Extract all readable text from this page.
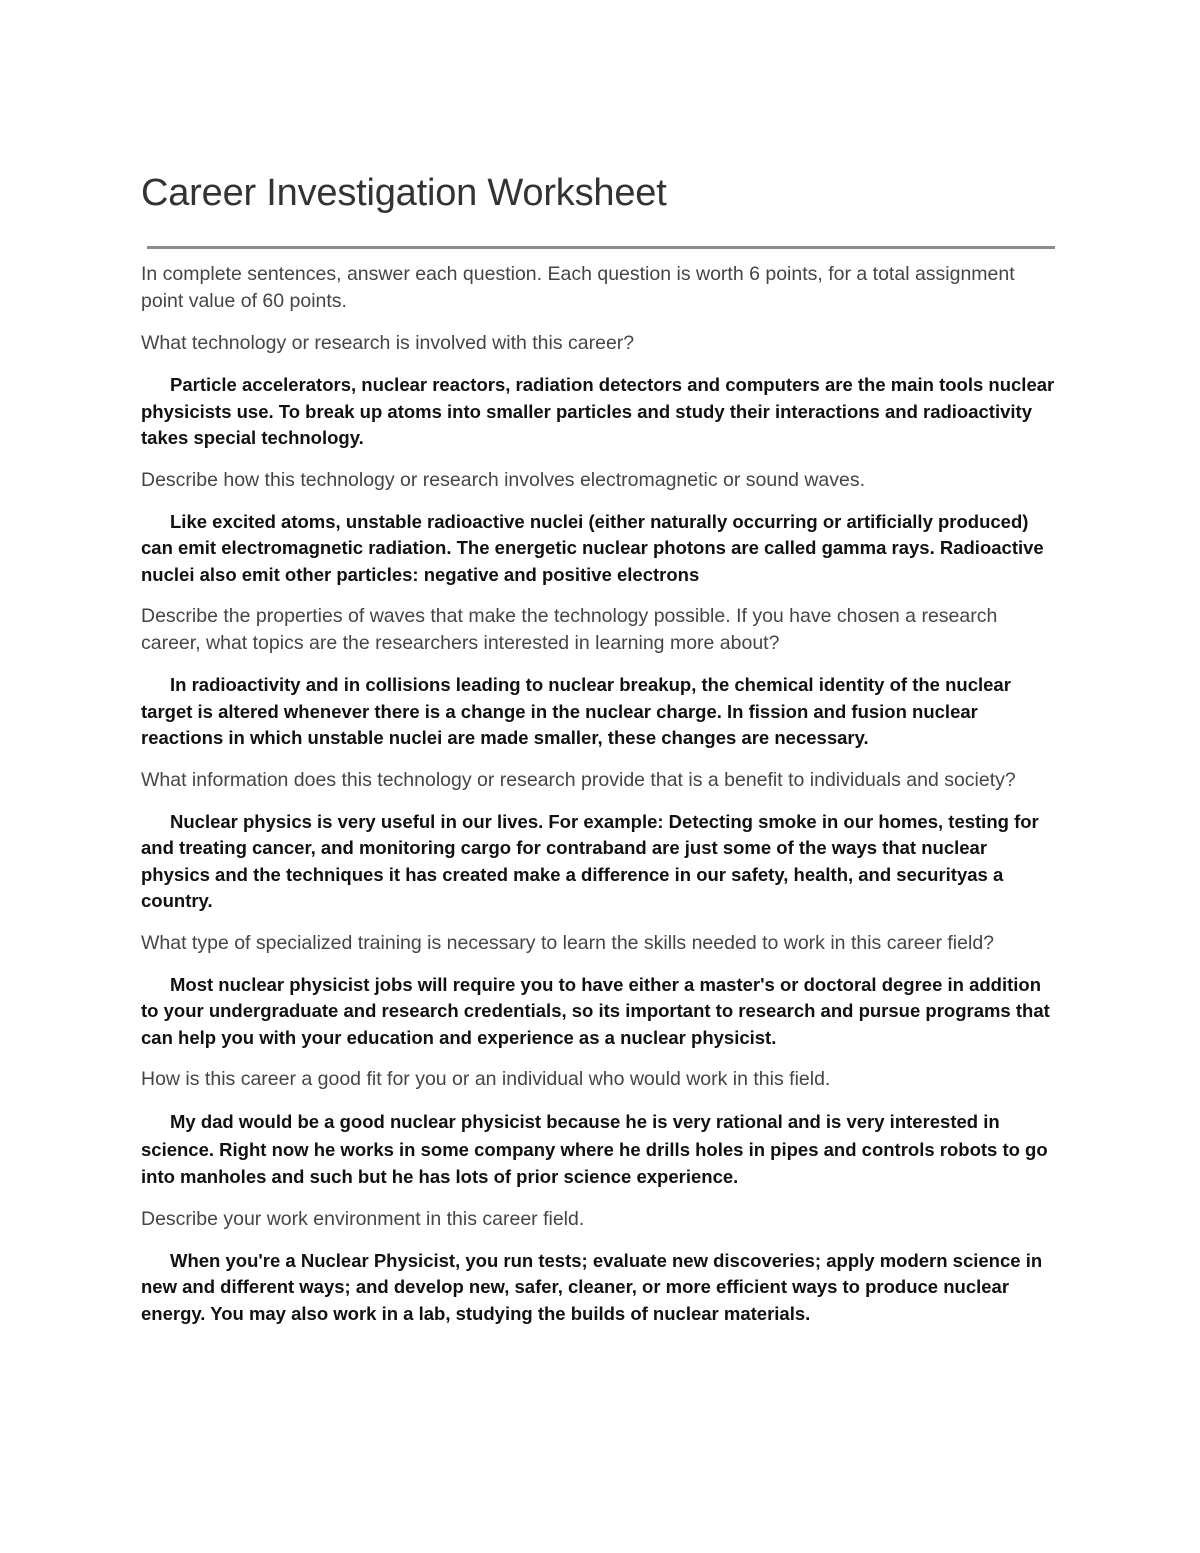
Career Investigation Worksheet

In complete sentences, answer each question. Each question is worth 6 points, for a total assignment point value of 60 points.

What technology or research is involved with this career?

Particle accelerators, nuclear reactors, radiation detectors and computers are the main tools nuclear physicists use. To break up atoms into smaller particles and study their interactions and radioactivity takes special technology.

Describe how this technology or research involves electromagnetic or sound waves.

Like excited atoms, unstable radioactive nuclei (either naturally occurring or artificially produced) can emit electromagnetic radiation. The energetic nuclear photons are called gamma rays. Radioactive nuclei also emit other particles: negative and positive electrons

Describe the properties of waves that make the technology possible. If you have chosen a research career, what topics are the researchers interested in learning more about?

In radioactivity and in collisions leading to nuclear breakup, the chemical identity of the nuclear target is altered whenever there is a change in the nuclear charge. In fission and fusion nuclear reactions in which unstable nuclei are made smaller, these changes are necessary.

What information does this technology or research provide that is a benefit to individuals and society?

Nuclear physics is very useful in our lives. For example: Detecting smoke in our homes, testing for and treating cancer, and monitoring cargo for contraband are just some of the ways that nuclear physics and the techniques it has created make a difference in our safety, health, and securityas a country.

What type of specialized training is necessary to learn the skills needed to work in this career field?

Most nuclear physicist jobs will require you to have either a master's or doctoral degree in addition to your undergraduate and research credentials, so its important to research and pursue programs that can help you with your education and experience as a nuclear physicist.

How is this career a good fit for you or an individual who would work in this field.

My dad would be a good nuclear physicist because he is very rational and is very interested in science. Right now he works in some company where he drills holes in pipes and controls robots to go into manholes and such but he has lots of prior science experience.

Describe your work environment in this career field.

When you're a Nuclear Physicist, you run tests; evaluate new discoveries; apply modern science in new and different ways; and develop new, safer, cleaner, or more efficient ways to produce nuclear energy. You may also work in a lab, studying the builds of nuclear materials.
